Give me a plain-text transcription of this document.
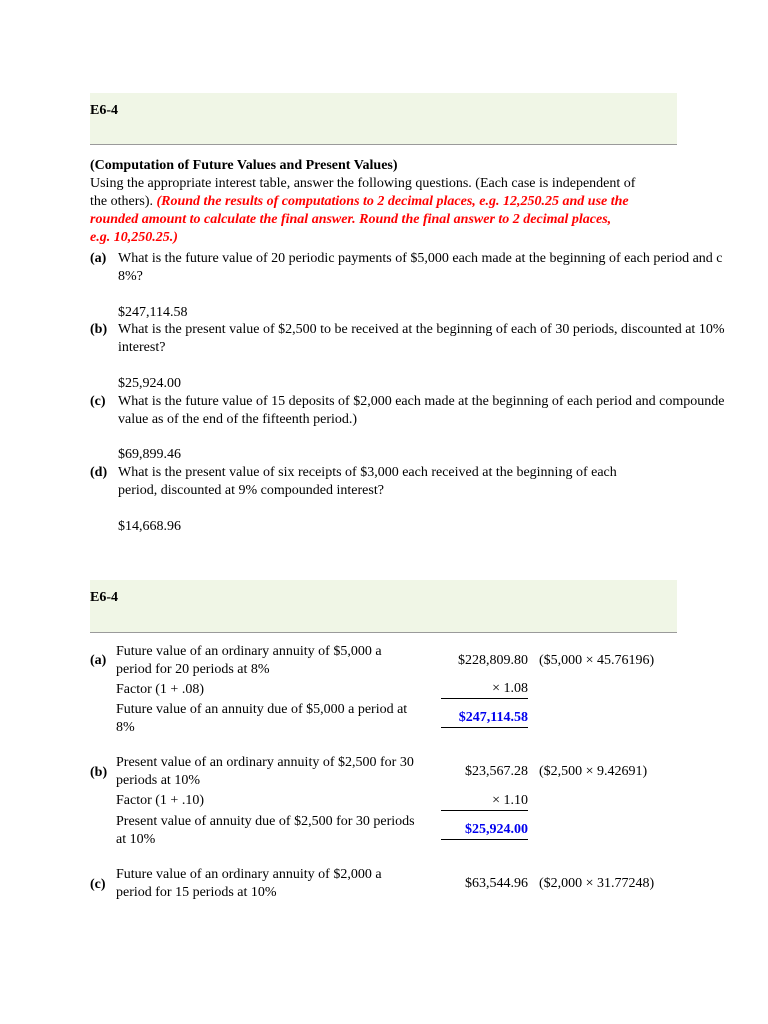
E6-4
(Computation of Future Values and Present Values)
Using the appropriate interest table, answer the following questions. (Each case is independent of
the others). (Round the results of computations to 2 decimal places, e.g. 12,250.25 and use the
rounded amount to calculate the final answer. Round the final answer to 2 decimal places,
e.g. 10,250.25.)
(a) What is the future value of 20 periodic payments of $5,000 each made at the beginning of each period and c
8%?
$247,114.58
(b) What is the present value of $2,500 to be received at the beginning of each of 30 periods, discounted at 10%
interest?
$25,924.00
(c) What is the future value of 15 deposits of $2,000 each made at the beginning of each period and compounde
value as of the end of the fifteenth period.)
$69,899.46
(d) What is the present value of six receipts of $3,000 each received at the beginning of each
period, discounted at 9% compounded interest?
$14,668.96
E6-4
(a)
Future value of an ordinary annuity of $5,000 a
period for 20 periods at 8%
$228,809.80 ($5,000 × 45.76196)
Factor (1 + .08)	× 1.08
Future value of an annuity due of $5,000 a period at
8%
$247,114.58
(b)
Present value of an ordinary annuity of $2,500 for 30
periods at 10%
$23,567.28 ($2,500 × 9.42691)
Factor (1 + .10)	× 1.10
Present value of annuity due of $2,500 for 30 periods
at 10%
$25,924.00
(c)
Future value of an ordinary annuity of $2,000 a
period for 15 periods at 10%
$63,544.96 ($2,000 × 31.77248)
